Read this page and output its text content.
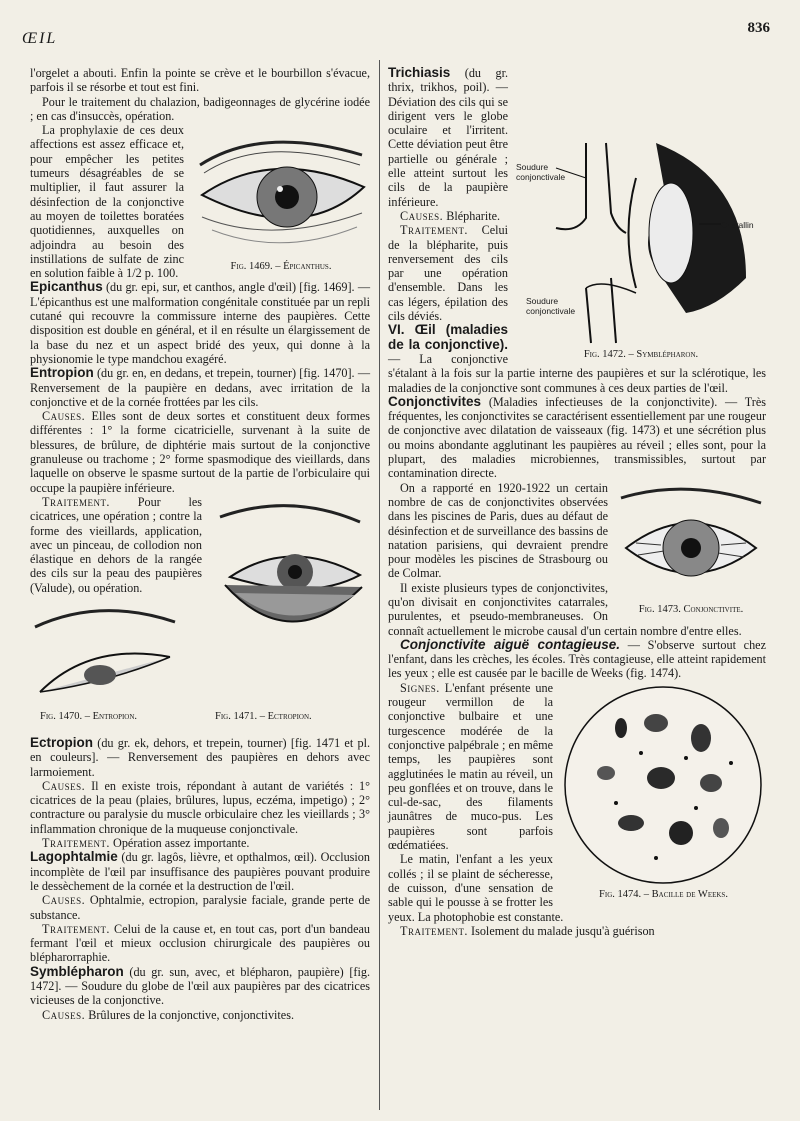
ŒIL
836

l'orgelet a abouti. Enfin la pointe se crève et le bourbillon s'évacue, parfois il se résorbe et tout est fini.

Pour le traitement du chalazion, badigeonnages de glycérine iodée ; en cas d'insuccès, opération.

Fig. 1469. – Épicanthus.

La prophylaxie de ces deux affections est assez efficace et, pour empêcher les petites tumeurs désagréables de se multiplier, il faut assurer la désinfection de la conjonctive au moyen de toilettes boratées quotidiennes, auxquelles on adjoindra au besoin des instillations de sulfate de zinc en solution faible à 1/2 p. 100.

Epicanthus (du gr. epi, sur, et canthos, angle d'œil) [fig. 1469]. — L'épicanthus est une malformation congénitale constituée par un repli cutané qui recouvre la commissure interne des paupières. Cette disposition est double en général, et il en résulte un élargissement de la base du nez et un aspect bridé des yeux, qui donne à la physionomie le type mandchou exagéré.

Entropion (du gr. en, en dedans, et trepein, tourner) [fig. 1470]. — Renversement de la paupière en dedans, avec irritation de la conjonctive et de la cornée frottées par les cils.

Causes. Elles sont de deux sortes et constituent deux formes différentes : 1° la forme cicatricielle, survenant à la suite de blessures, de brûlure, de diphtérie mais surtout de la conjonctive granuleuse ou trachome ; 2° forme spasmodique des vieillards, dans laquelle on observe le spasme surtout de la partie de l'orbiculaire qui occupe la paupière inférieure.

Traitement. Pour les cicatrices, une opération ; contre la forme des vieillards, application, avec un pinceau, de collodion non élastique en dehors de la rangée des cils sur la peau des paupières (Valude), ou opération.

Fig. 1470. – Entropion.	Fig. 1471. – Ectropion.

Ectropion (du gr. ek, dehors, et trepein, tourner) [fig. 1471 et pl. en couleurs]. — Renversement des paupières en dehors avec larmoiement.

Causes. Il en existe trois, répondant à autant de variétés : 1° cicatrices de la peau (plaies, brûlures, lupus, eczéma, impetigo) ; 2° contracture ou paralysie du muscle orbiculaire chez les vieillards ; 3° inflammation chronique de la muqueuse conjonctivale.

Traitement. Opération assez importante.

Lagophtalmie (du gr. lagôs, lièvre, et opthalmos, œil). Occlusion incomplète de l'œil par insuffisance des paupières pouvant produire le dessèchement de la cornée et la destruction de l'œil.

Causes. Ophtalmie, ectropion, paralysie faciale, grande perte de substance.

Traitement. Celui de la cause et, en tout cas, port d'un bandeau fermant l'œil et mieux occlusion chirurgicale des paupières ou blépharorraphie.

Symblépharon (du gr. sun, avec, et blépharon, paupière) [fig. 1472]. — Soudure du globe de l'œil aux paupières par des cicatrices vicieuses de la conjonctive.

Causes. Brûlures de la conjonctive, conjonctivites.

Soudure conjonctivale
Cristallin
Soudure conjonctivale
Fig. 1472. – Symblépharon.

Trichiasis (du gr. thrix, trikhos, poil). — Déviation des cils qui se dirigent vers le globe oculaire et l'irritent. Cette déviation peut être partielle ou générale ; elle atteint surtout les cils de la paupière inférieure.

Causes. Blépharite.

Traitement. Celui de la blépharite, puis renversement des cils par une opération d'ensemble. Dans les cas légers, épilation des cils déviés.

VI. Œil (maladies de la conjonctive). — La conjonctive s'étalant à la fois sur la partie interne des paupières et sur la sclérotique, les maladies de la conjonctive sont communes à ces deux parties de l'œil.

Conjonctivites (Maladies infectieuses de la conjonctivite). — Très fréquentes, les conjonctivites se caractérisent essentiellement par une rougeur de conjonctive avec dilatation de vaisseaux (fig. 1473) et une sécrétion plus ou moins abondante agglutinant les paupières au réveil ; elles sont, pour la plupart, des maladies microbiennes, transmissibles, surtout par contamination directe.

Fig. 1473. Conjonctivite.

On a rapporté en 1920-1922 un certain nombre de cas de conjonctivites observées dans les piscines de Paris, dues au défaut de désinfection et de surveillance des bassins de natation parisiens, qui devraient prendre pour modèles les piscines de Strasbourg ou de Colmar.

Il existe plusieurs types de conjonctivites, qu'on divisait en conjonctivites catarrales, purulentes, et pseudo-membraneuses. On connaît actuellement le microbe causal d'un certain nombre d'entre elles.

Conjonctivite aiguë contagieuse. — S'observe surtout chez l'enfant, dans les crèches, les écoles. Très contagieuse, elle atteint rapidement les yeux ; elle est causée par le bacille de Weeks (fig. 1474).

Fig. 1474. – Bacille de Weeks.

Signes. L'enfant présente une rougeur vermillon de la conjonctive bulbaire et une turgescence modérée de la conjonctive palpébrale ; en même temps, les paupières sont agglutinées le matin au réveil, un peu gonflées et on trouve, dans le cul-de-sac, des filaments jaunâtres de muco-pus. Les paupières sont parfois œdématiées.

Le matin, l'enfant a les yeux collés ; il se plaint de sécheresse, de cuisson, d'une sensation de sable qui le pousse à se frotter les yeux. La photophobie est constante.

Traitement. Isolement du malade jusqu'à guérison
